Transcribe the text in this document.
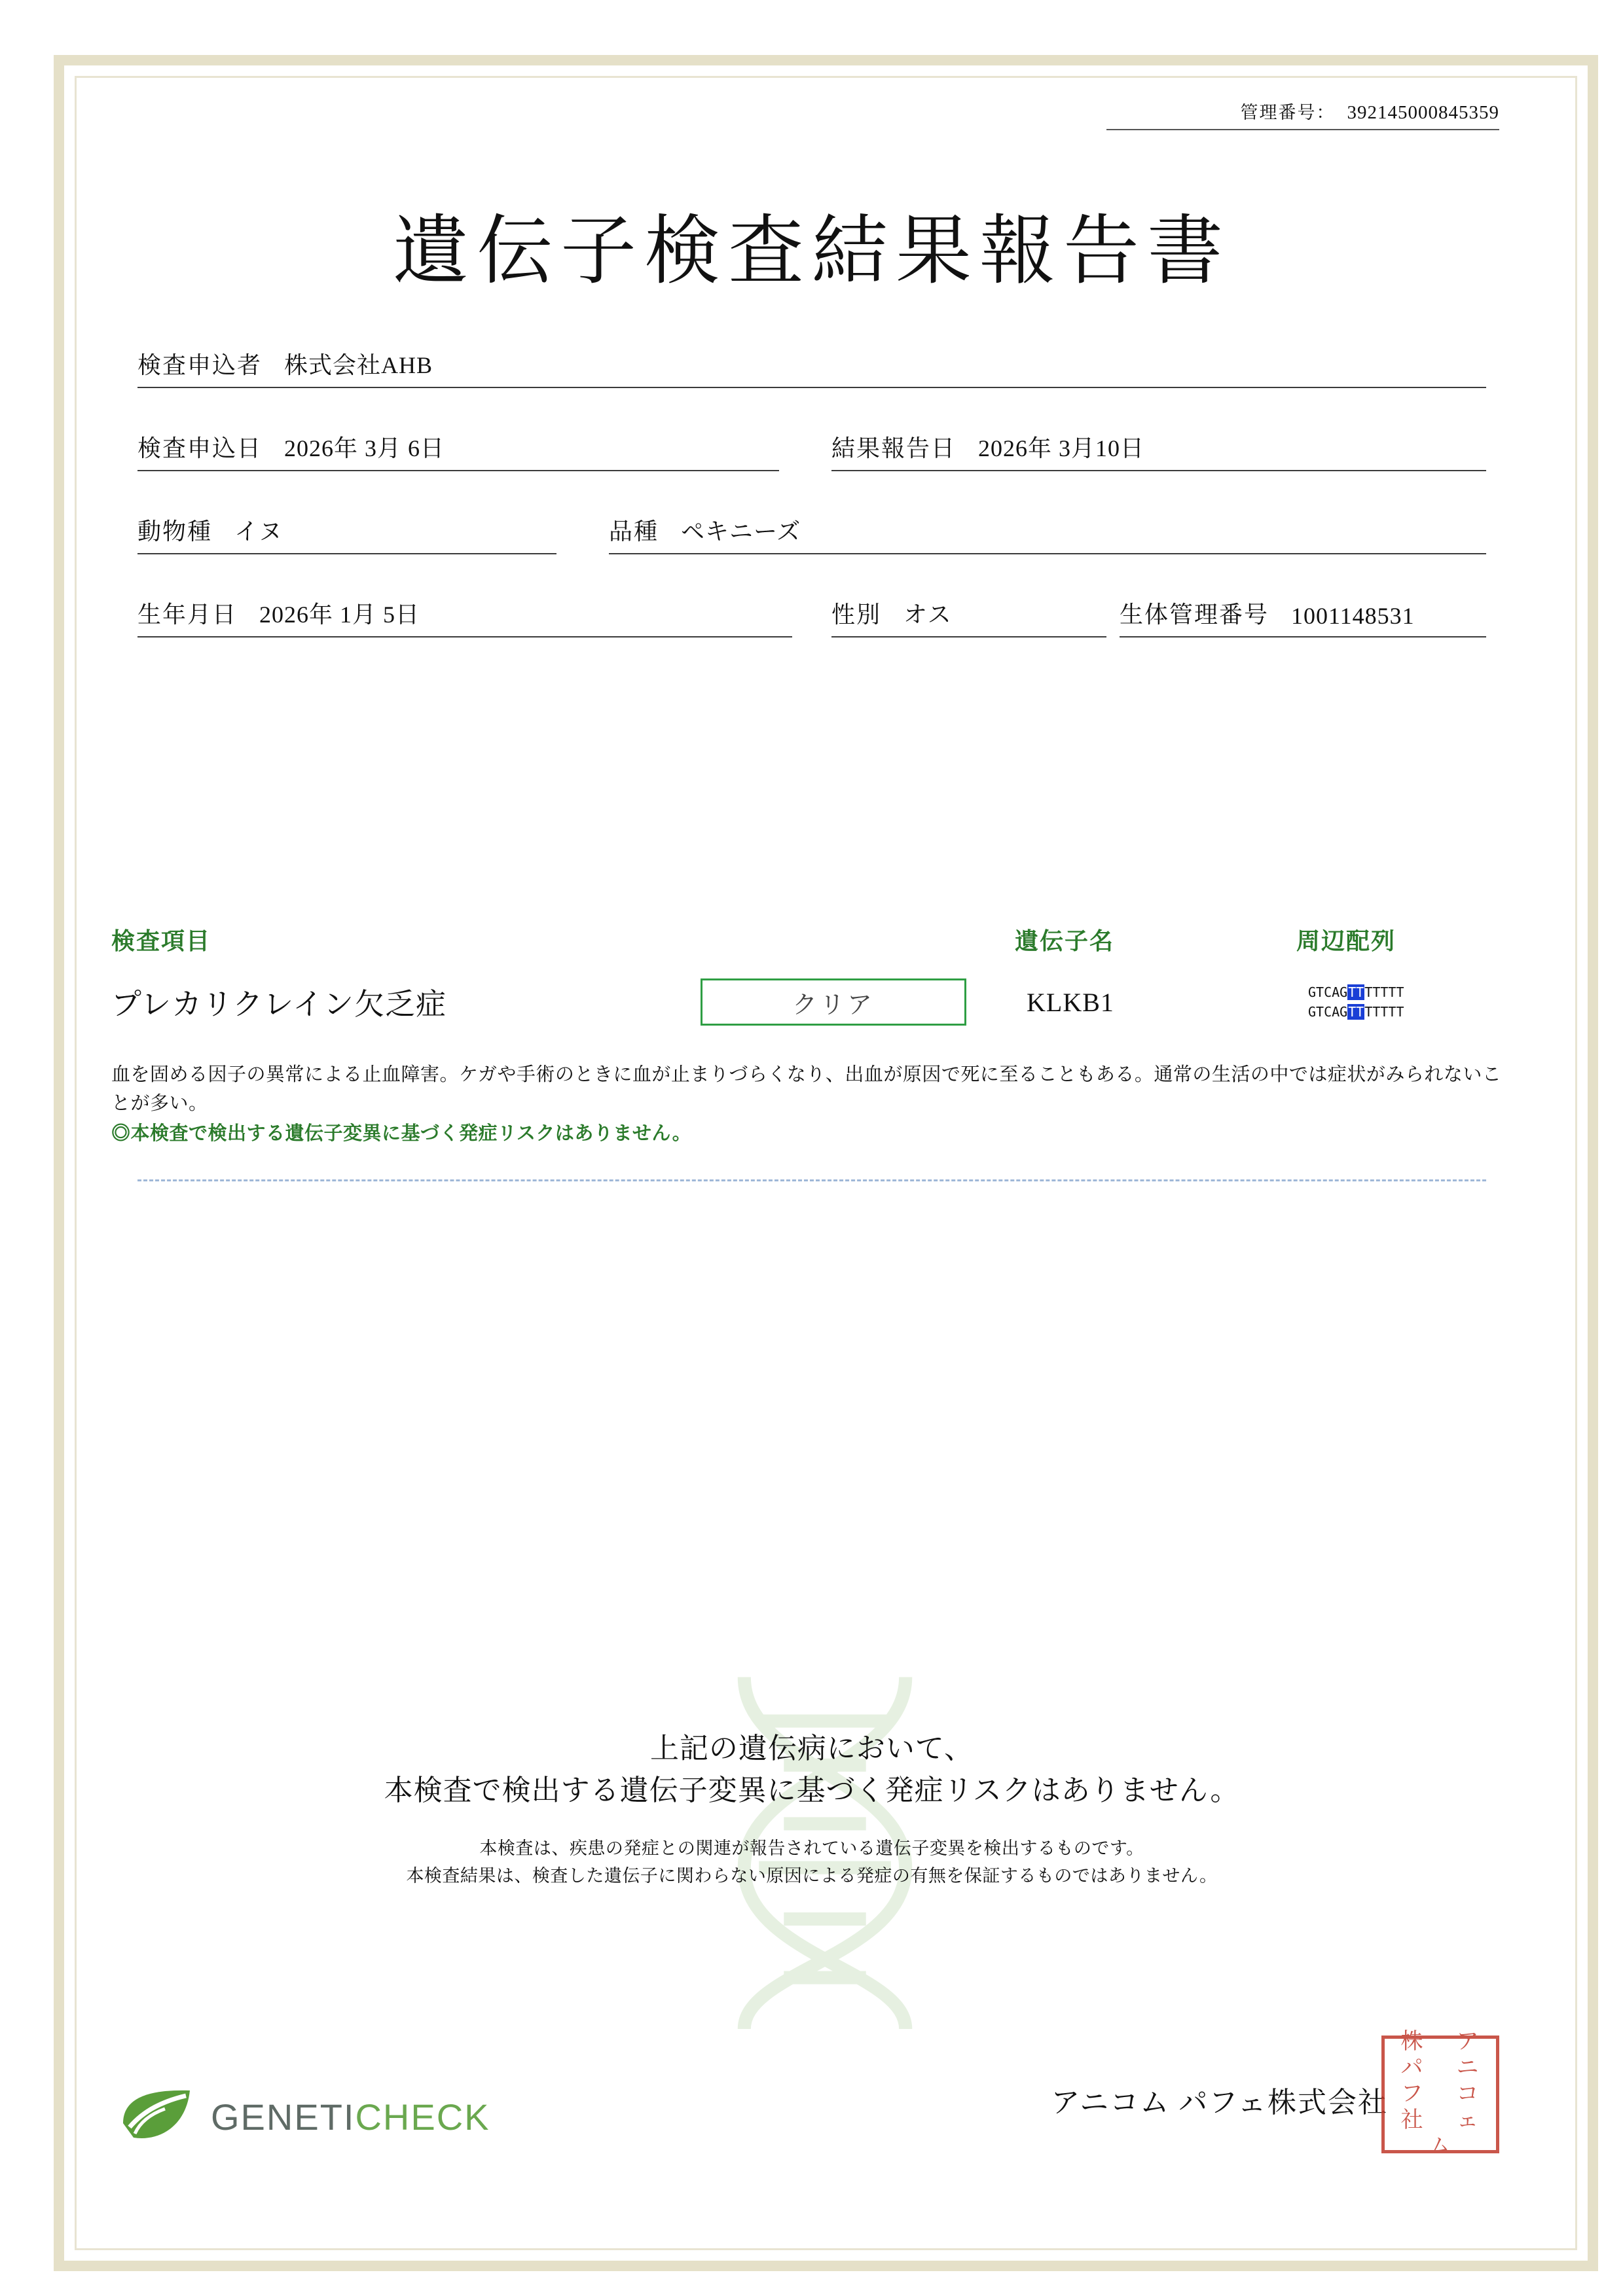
管理番号： 392145000845359
遺伝子検査結果報告書
検査申込者 株式会社AHB
検査申込日 2026年 3月 6日	結果報告日 2026年 3月10日
動物種 イヌ	品種 ペキニーズ
生年月日 2026年 1月 5日	性別 オス	生体管理番号 1001148531
検査項目	遺伝子名	周辺配列
プレカリクレイン欠乏症	クリア	KLKB1	GTCAGTTTTTTT
GTCAGTTTTTTT

血を固める因子の異常による止血障害。ケガや手術のときに血が止まりづらくなり、出血が原因で死に至ることもある。通常の生活の中では症状がみられないことが多い。

◎本検査で検出する遺伝子変異に基づく発症リスクはありません。

上記の遺伝病において、
本検査で検出する遺伝子変異に基づく発症リスクはありません。
本検査は、疾患の発症との関連が報告されている遺伝子変異を検出するものです。
本検査結果は、検査した遺伝子に関わらない原因による発症の有無を保証するものではありません。
GENETICHECK	アニコム パフェ株式会社
株	ア
パ	ニ
フ	コ
社	ェ
ム
